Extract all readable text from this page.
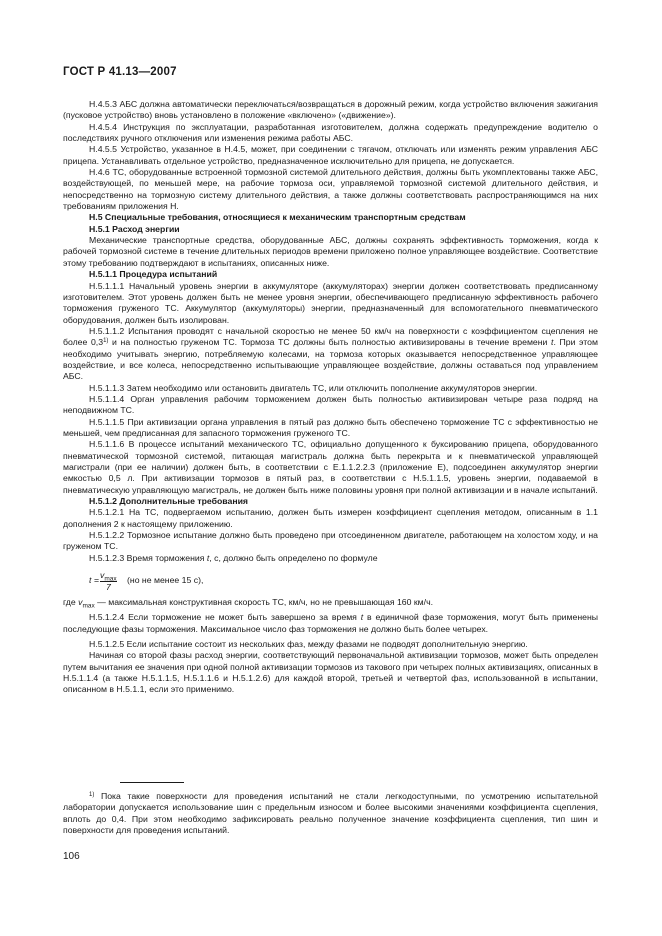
ГОСТ Р 41.13—2007

Н.4.5.3 АБС должна автоматически переключаться/возвращаться в дорожный режим, когда устройство включения зажигания (пусковое устройство) вновь установлено в положение «включено» («движение»).

Н.4.5.4 Инструкция по эксплуатации, разработанная изготовителем, должна содержать предупреждение водителю о последствиях ручного отключения или изменения режима работы АБС.

Н.4.5.5 Устройство, указанное в Н.4.5, может, при соединении с тягачом, отключать или изменять режим управления АБС прицепа. Устанавливать отдельное устройство, предназначенное исключительно для прицепа, не допускается.

Н.4.6 ТС, оборудованные встроенной тормозной системой длительного действия, должны быть укомплектованы также АБС, воздействующей, по меньшей мере, на рабочие тормоза оси, управляемой тормозной системой длительного действия, и непосредственно на тормозную систему длительного действия, а также должны соответствовать распространяющимся на них требованиям приложения Н.

Н.5 Специальные требования, относящиеся к механическим транспортным средствам

Н.5.1 Расход энергии

Механические транспортные средства, оборудованные АБС, должны сохранять эффективность торможения, когда к рабочей тормозной системе в течение длительных периодов времени приложено полное управляющее воздействие. Соответствие этому требованию подтверждают в испытаниях, описанных ниже.

Н.5.1.1 Процедура испытаний

Н.5.1.1.1 Начальный уровень энергии в аккумуляторе (аккумуляторах) энергии должен соответствовать предписанному изготовителем. Этот уровень должен быть не менее уровня энергии, обеспечивающего предписанную эффективность рабочего торможения груженого ТС. Аккумулятор (аккумуляторы) энергии, предназначенный для вспомогательного пневматического оборудования, должен быть изолирован.

Н.5.1.1.2 Испытания проводят с начальной скоростью не менее 50 км/ч на поверхности с коэффициентом сцепления не более 0,3$^{1)}$ и на полностью груженом ТС. Тормоза ТС должны быть полностью активизированы в течение времени t. При этом необходимо учитывать энергию, потребляемую колесами, на тормоза которых оказывается непосредственное управляющее воздействие, и все колеса, непосредственно испытывающие управляющее воздействие, должны оставаться под управлением АБС.

Н.5.1.1.3 Затем необходимо или остановить двигатель ТС, или отключить пополнение аккумуляторов энергии.

Н.5.1.1.4 Орган управления рабочим торможением должен быть полностью активизирован четыре раза подряд на неподвижном ТС.

Н.5.1.1.5 При активизации органа управления в пятый раз должно быть обеспечено торможение ТС с эффективностью не меньшей, чем предписанная для запасного торможения груженого ТС.

Н.5.1.1.6 В процессе испытаний механического ТС, официально допущенного к буксированию прицепа, оборудованного пневматической тормозной системой, питающая магистраль должна быть перекрыта и к пневматической управляющей магистрали (при ее наличии) должен быть, в соответствии с Е.1.1.2.2.3 (приложение Е), подсоединен аккумулятор энергии емкостью 0,5 л. При активизации тормозов в пятый раз, в соответствии с Н.5.1.1.5, уровень энергии, подаваемой в пневматическую управляющую магистраль, не должен быть ниже половины уровня при полной активизации и в начале испытаний.

Н.5.1.2 Дополнительные требования

Н.5.1.2.1 На ТС, подвергаемом испытанию, должен быть измерен коэффициент сцепления методом, описанным в 1.1 дополнения 2 к настоящему приложению.

Н.5.1.2.2 Тормозное испытание должно быть проведено при отсоединенном двигателе, работающем на холостом ходу, и на груженом ТС.

Н.5.1.2.3 Время торможения t, с, должно быть определено по формуле

$t = v_{max}$
7
(но не менее 15 с),

где $v_{max}$ — максимальная конструктивная скорость ТС, км/ч, но не превышающая 160 км/ч.

Н.5.1.2.4 Если торможение не может быть завершено за время t в единичной фазе торможения, могут быть применены последующие фазы торможения. Максимальное число фаз торможения не должно быть более четырех.

Н.5.1.2.5 Если испытание состоит из нескольких фаз, между фазами не подводят дополнительную энергию.

Начиная со второй фазы расход энергии, соответствующий первоначальной активизации тормозов, может быть определен путем вычитания ее значения при одной полной активизации тормозов из такового при четырех полных активизациях, описанных в Н.5.1.1.4 (а также Н.5.1.1.5, Н.5.1.1.6 и Н.5.1.2.6) для каждой второй, третьей и четвертой фаз, использованной в испытании, описанном в Н.5.1.1, если это применимо.

$^{1)}$ Пока такие поверхности для проведения испытаний не стали легкодоступными, по усмотрению испытательной лаборатории допускается использование шин с предельным износом и более высокими значениями коэффициента сцепления, вплоть до 0,4. При этом необходимо зафиксировать реально полученное значение коэффициента сцепления, тип шин и поверхности для проведения испытаний.

106
